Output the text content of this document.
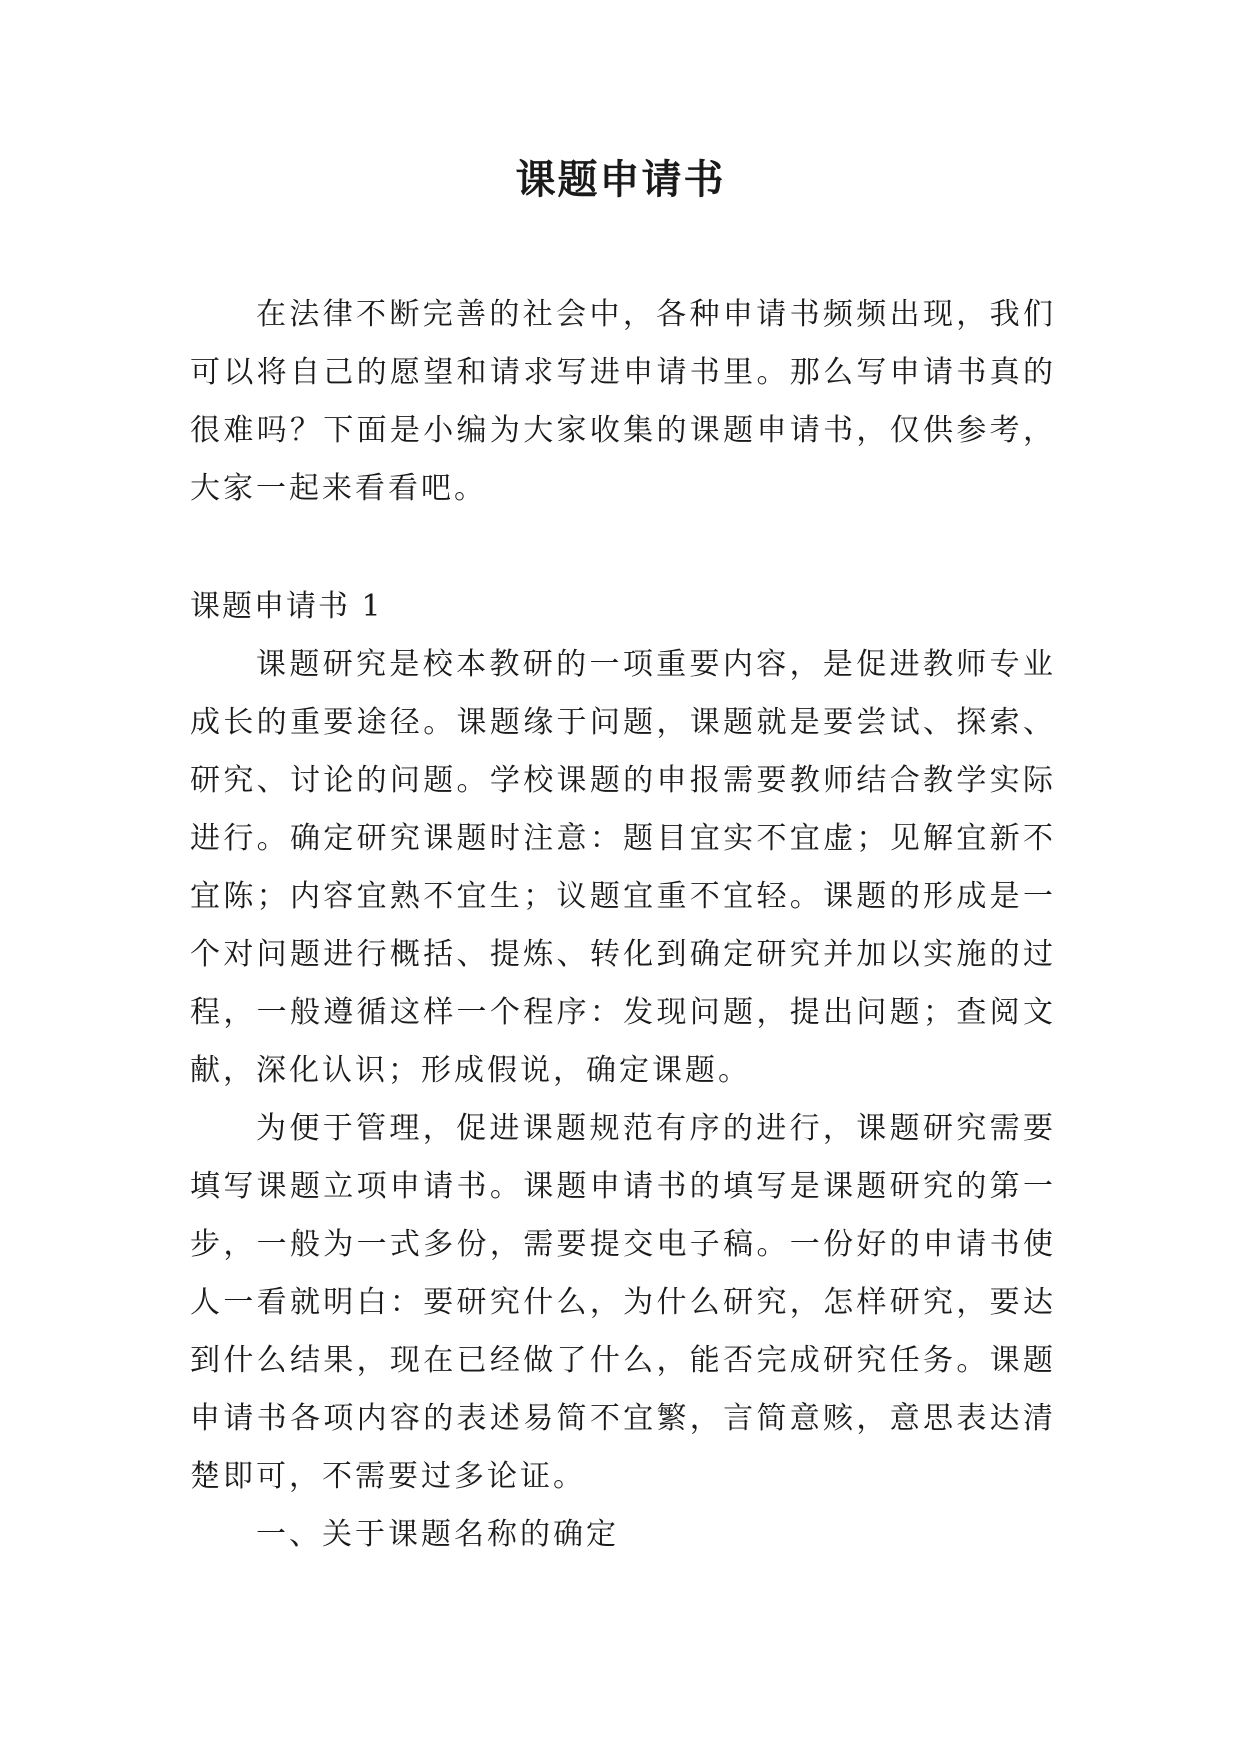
课题申请书

在法律不断完善的社会中，各种申请书频频出现，我们可以将自己的愿望和请求写进申请书里。那么写申请书真的很难吗？下面是小编为大家收集的课题申请书，仅供参考，大家一起来看看吧。

课题申请书 1

课题研究是校本教研的一项重要内容，是促进教师专业成长的重要途径。课题缘于问题，课题就是要尝试、探索、研究、讨论的问题。学校课题的申报需要教师结合教学实际进行。确定研究课题时注意：题目宜实不宜虚；见解宜新不宜陈；内容宜熟不宜生；议题宜重不宜轻。课题的形成是一个对问题进行概括、提炼、转化到确定研究并加以实施的过程，一般遵循这样一个程序：发现问题，提出问题；查阅文献，深化认识；形成假说，确定课题。

为便于管理，促进课题规范有序的进行，课题研究需要填写课题立项申请书。课题申请书的填写是课题研究的第一步，一般为一式多份，需要提交电子稿。一份好的申请书使人一看就明白：要研究什么，为什么研究，怎样研究，要达到什么结果，现在已经做了什么，能否完成研究任务。课题申请书各项内容的表述易简不宜繁，言简意赅，意思表达清楚即可，不需要过多论证。

一、关于课题名称的确定
